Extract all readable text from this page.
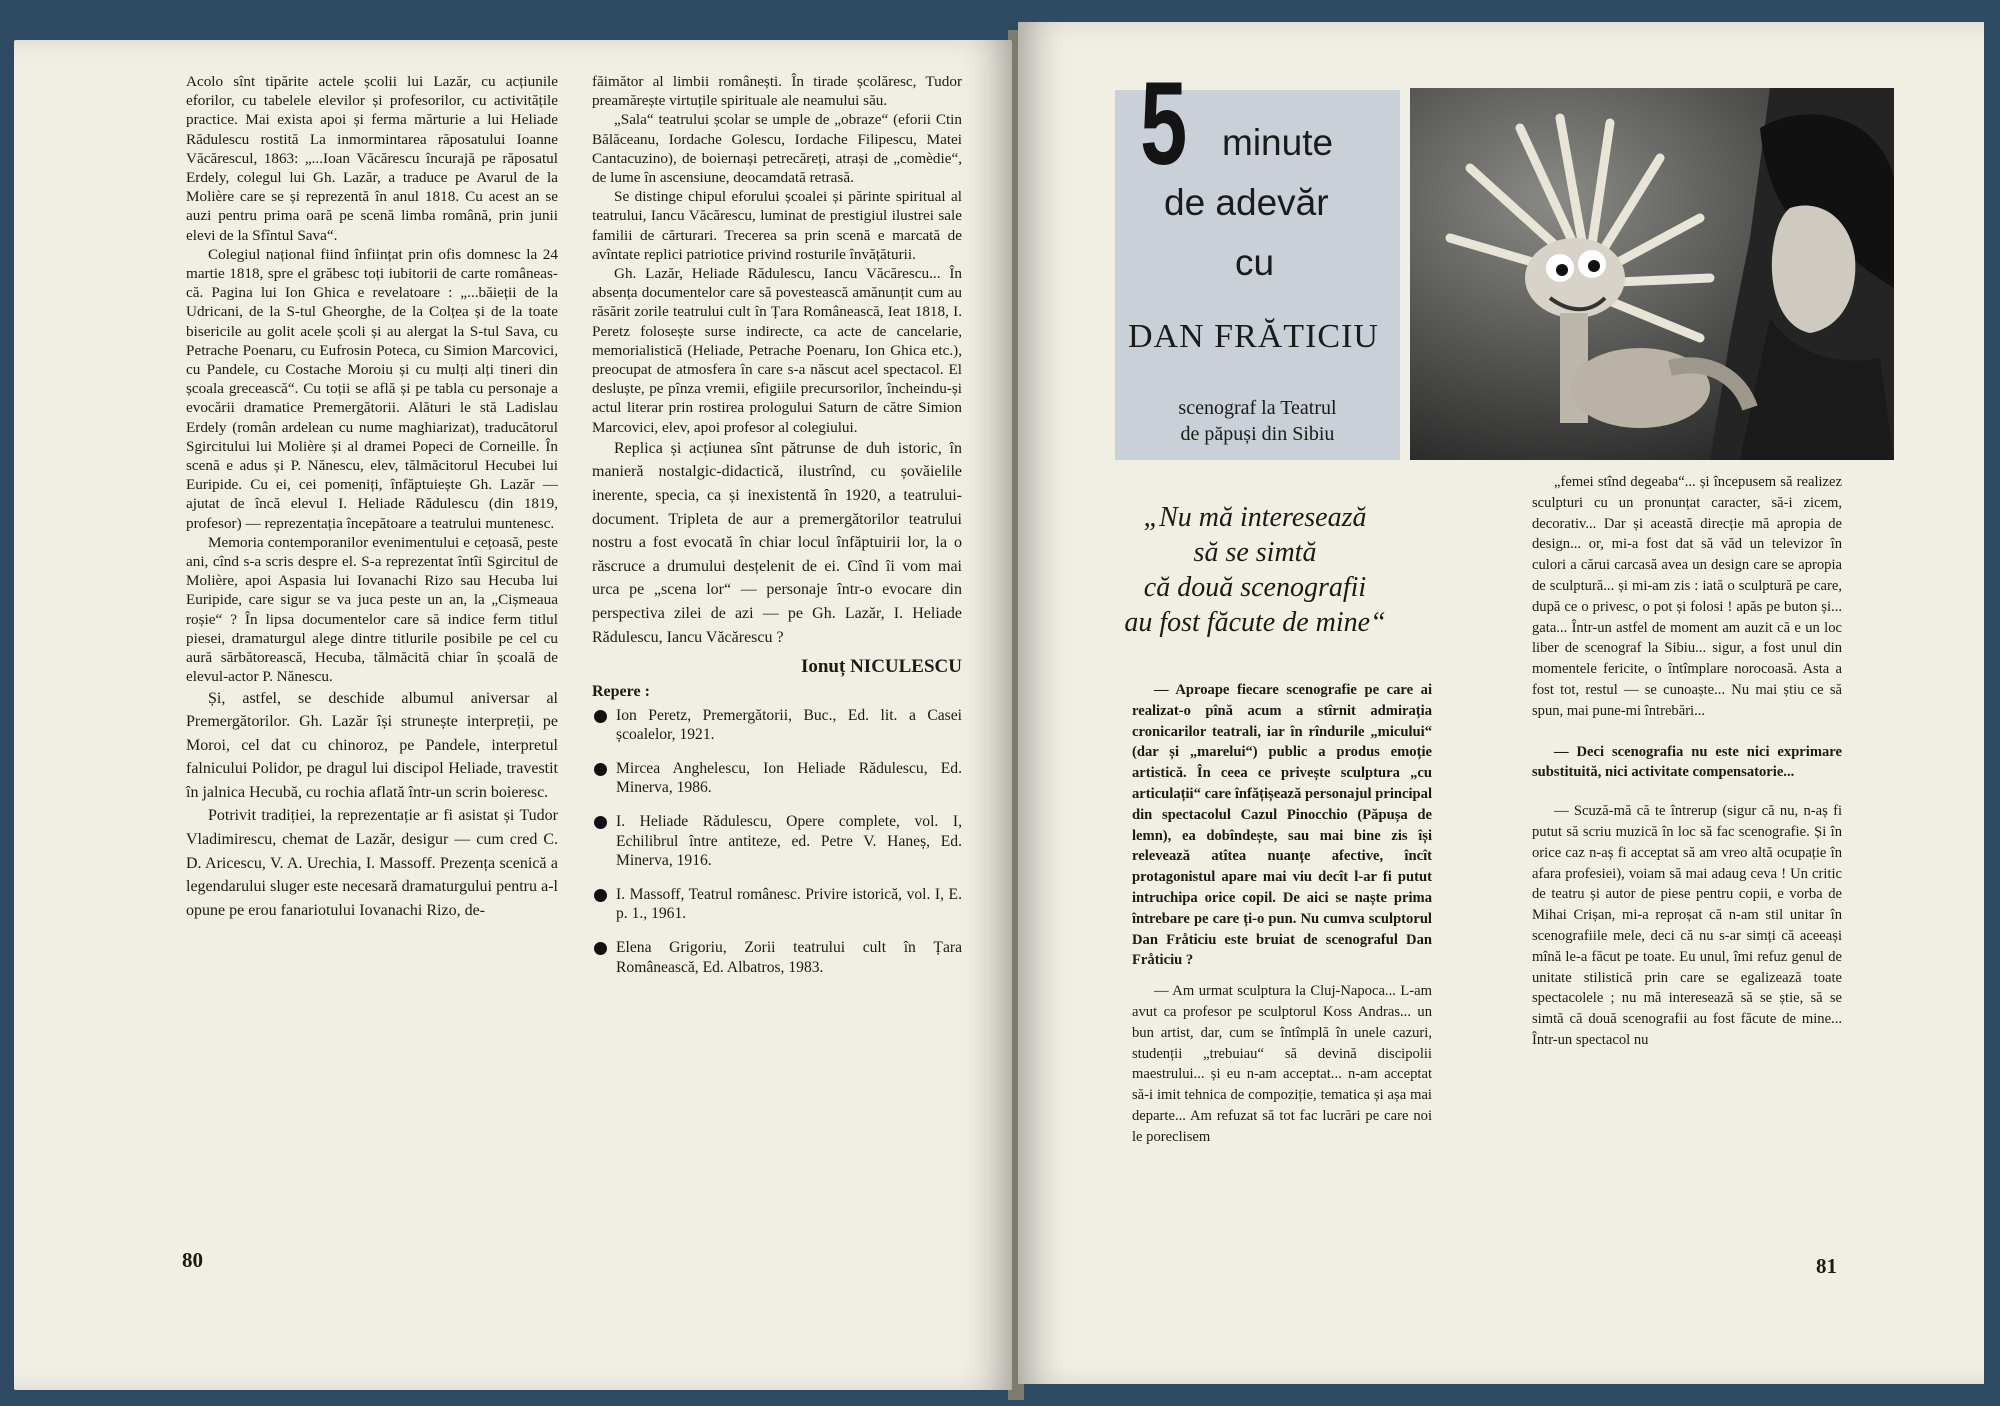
Acolo sînt tipărite actele școlii lui Lazăr, cu acțiunile eforilor, cu tabelele elevilor și profesorilor, cu activitățile practice. Mai exista apoi și ferma mărturie a lui Heliade Rădulescu rostită La inmormintarea răposatului Ioanne Văcărescul, 1863: „...Ioan Văcărescu încurajă pe răposatul Erdely, colegul lui Gh. Lazăr, a traduce pe Avarul de la Molière care se și reprezentă în anul 1818. Cu acest an se auzi pentru prima oară pe scenă limba română, prin junii elevi de la Sfîntul Sava“.

Colegiul național fiind înființat prin ofis domnesc la 24 martie 1818, spre el grăbesc toți iubitorii de carte româneas-că. Pagina lui Ion Ghica e revelatoare : „...băieții de la Udricani, de la S-tul Gheorghe, de la Colțea și de la toate bisericile au golit acele școli și au alergat la S-tul Sava, cu Petrache Poenaru, cu Eufrosin Poteca, cu Simion Marcovici, cu Pandele, cu Costache Moroiu și cu mulți alți tineri din școala grecească“. Cu toții se află și pe tabla cu personaje a evocării dramatice Premergătorii. Alături le stă Ladislau Erdely (român ardelean cu nume maghiarizat), traducătorul Sgircitului lui Molière și al dramei Popeci de Corneille. În scenă e adus și P. Nănescu, elev, tălmăcitorul Hecubei lui Euripide. Cu ei, cei pomeniți, înfăptuiește Gh. Lazăr — ajutat de încă elevul I. Heliade Rădulescu (din 1819, profesor) — reprezentația începătoare a teatrului muntenesc.

Memoria contemporanilor evenimentului e cețoasă, peste ani, cînd s-a scris despre el. S-a reprezentat întîi Sgircitul de Molière, apoi Aspasia lui Iovanachi Rizo sau Hecuba lui Euripide, care sigur se va juca peste un an, la „Cișmeaua roșie“ ? În lipsa documentelor care să indice ferm titlul piesei, dramaturgul alege dintre titlurile posibile pe cel cu aură sărbătorească, Hecuba, tălmăcită chiar în școală de elevul-actor P. Nănescu.

Și, astfel, se deschide albumul aniversar al Premergătorilor. Gh. Lazăr își strunește interpreții, pe Moroi, cel dat cu chinoroz, pe Pandele, interpretul falnicului Polidor, pe dragul lui discipol Heliade, travestit în jalnica Hecubă, cu rochia aflată într-un scrin boieresc.

Potrivit tradiției, la reprezentație ar fi asistat și Tudor Vladimirescu, chemat de Lazăr, desigur — cum cred C. D. Aricescu, V. A. Urechia, I. Massoff. Prezența scenică a legendarului sluger este necesară dramaturgului pentru a-l opune pe erou fanariotului Iovanachi Rizo, de-

făimător al limbii românești. În tirade școlăresc, Tudor preamărește virtuțile spirituale ale neamului său.

„Sala“ teatrului școlar se umple de „obraze“ (eforii Ctin Bălăceanu, Iordache Golescu, Iordache Filipescu, Matei Cantacuzino), de boiernași petrecăreți, atrași de „comèdie“, de lume în ascensiune, deocamdată retrasă.

Se distinge chipul eforului școalei și părinte spiritual al teatrului, Iancu Văcărescu, luminat de prestigiul ilustrei sale familii de cărturari. Trecerea sa prin scenă e marcată de avîntate replici patriotice privind rosturile învățăturii.

Gh. Lazăr, Heliade Rădulescu, Iancu Văcărescu... În absența documentelor care să povestească amănunțit cum au răsărit zorile teatrului cult în Țara Românească, Ieat 1818, I. Peretz folosește surse indirecte, ca acte de cancelarie, memorialistică (Heliade, Petrache Poenaru, Ion Ghica etc.), preocupat de atmosfera în care s-a născut acel spectacol. El desluște, pe pînza vremii, efigiile precursorilor, încheindu-și actul literar prin rostirea prologului Saturn de către Simion Marcovici, elev, apoi profesor al colegiului.

Replica și acțiunea sînt pătrunse de duh istoric, în manieră nostalgic-didactică, ilustrînd, cu șovăielile inerente, specia, ca și inexistentă în 1920, a teatrului-document. Tripleta de aur a premergătorilor teatrului nostru a fost evocată în chiar locul înfăptuirii lor, la o răscruce a drumului desțelenit de ei. Cînd îi vom mai urca pe „scena lor“ — personaje într-o evocare din perspectiva zilei de azi — pe Gh. Lazăr, I. Heliade Rădulescu, Iancu Văcărescu ?

Ionuț NICULESCU
Repere :
Ion Peretz, Premergătorii, Buc., Ed. lit. a Casei școalelor, 1921.
Mircea Anghelescu, Ion Heliade Rădulescu, Ed. Minerva, 1986.
I. Heliade Rădulescu, Opere complete, vol. I, Echilibrul între antiteze, ed. Petre V. Haneș, Ed. Minerva, 1916.
I. Massoff, Teatrul românesc. Privire istorică, vol. I, E. p. 1., 1961.
Elena Grigoriu, Zorii teatrului cult în Țara Românească, Ed. Albatros, 1983.
80	81
5 minute
de adevăr
cu
DAN FRĂTICIU
scenograf la Teatrul
de păpuși din Sibiu
„Nu mă interesează
să se simtă
că două scenografii
au fost făcute de mine“

— Aproape fiecare scenografie pe care ai realizat-o pînă acum a stîrnit admirația cronicarilor teatrali, iar în rîndurile „micului“ (dar și „marelui“) public a produs emoție artistică. În ceea ce privește sculptura „cu articulații“ care înfățișează personajul principal din spectacolul Cazul Pinocchio (Păpușa de lemn), ea dobîndește, sau mai bine zis își relevează atîtea nuanțe afective, încît protagonistul apare mai viu decît l-ar fi putut intruchipa orice copil. De aici se naște prima întrebare pe care ți-o pun. Nu cumva sculptorul Dan Fråticiu este bruiat de scenograful Dan Fråticiu ?

— Am urmat sculptura la Cluj-Napoca... L-am avut ca profesor pe sculptorul Koss Andras... un bun artist, dar, cum se întîmplă în unele cazuri, studenții „trebuiau“ să devină discipolii maestrului... și eu n-am acceptat... n-am acceptat să-i imit tehnica de compoziție, tematica și așa mai departe... Am refuzat să tot fac lucrări pe care noi le poreclisem

„femei stînd degeaba“... și începusem să realizez sculpturi cu un pronunțat caracter, să-i zicem, decorativ... Dar și această direcție mă apropia de design... or, mi-a fost dat să văd un televizor în culori a cărui carcasă avea un design care se apropia de sculptură... și mi-am zis : iată o sculptură pe care, după ce o privesc, o pot și folosi ! apăs pe buton și... gata... Într-un astfel de moment am auzit că e un loc liber de scenograf la Sibiu... sigur, a fost unul din momentele fericite, o întîmplare norocoasă. Asta a fost tot, restul — se cunoaște... Nu mai știu ce să spun, mai pune-mi întrebări...

— Deci scenografia nu este nici exprimare substituită, nici activitate compensatorie...

— Scuză-mă că te întrerup (sigur că nu, n-aș fi putut să scriu muzică în loc să fac scenografie. Și în orice caz n-aș fi acceptat să am vreo altă ocupație în afara profesiei), voiam să mai adaug ceva ! Un critic de teatru și autor de piese pentru copii, e vorba de Mihai Crișan, mi-a reproșat că n-am stil unitar în scenografiile mele, deci că nu s-ar simți că aceeași mînă le-a făcut pe toate. Eu unul, îmi refuz genul de unitate stilistică prin care se egalizează toate spectacolele ; nu mă interesează să se știe, să se simtă că două scenografii au fost făcute de mine... Într-un spectacol nu
